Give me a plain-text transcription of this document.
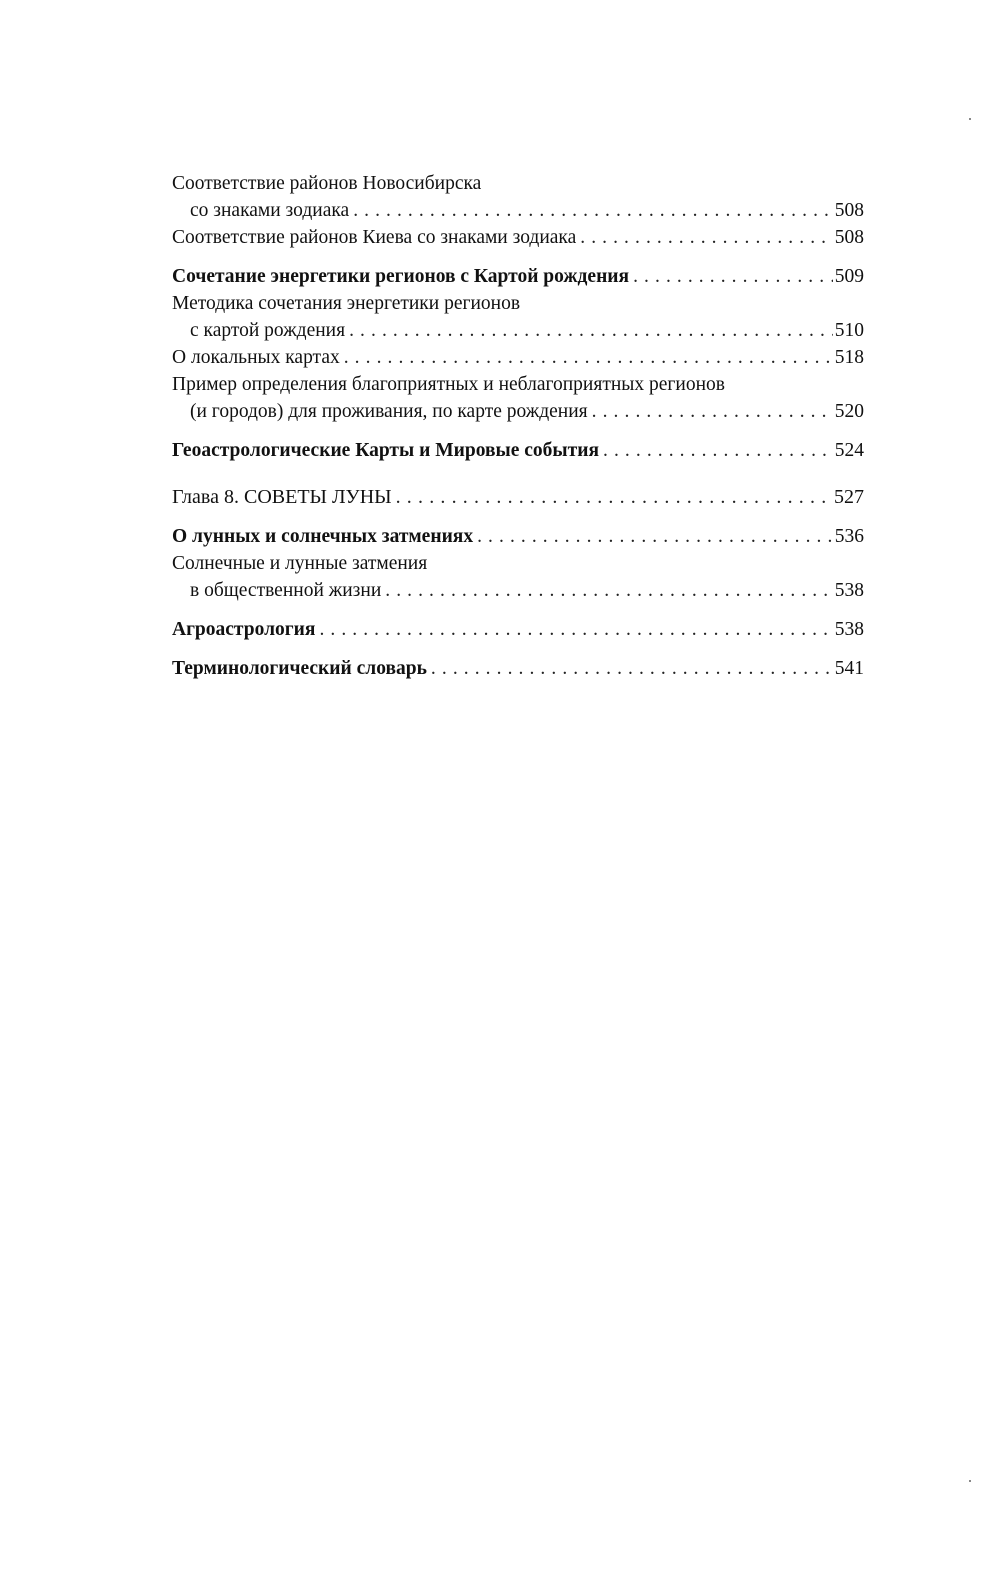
Соответствие районов Новосибирска
со знаками зодиака . . .	508
Соответствие районов Киева со знаками зодиака . . .	508
Сочетание энергетики регионов с Картой рождения . . .	509
Методика сочетания энергетики регионов
с картой рождения . . .	510
О локальных картах . . .	518
Пример определения благоприятных и неблагоприятных регионов
(и городов) для проживания, по карте рождения . . .	520
Геоастрологические Карты и Мировые события . . .	524
Глава 8. СОВЕТЫ ЛУНЫ . . .	527
О лунных и солнечных затмениях . . .	536
Солнечные и лунные затмения
в общественной жизни . . .	538
Агроастрология . . .	538
Терминологический словарь . . .	541
